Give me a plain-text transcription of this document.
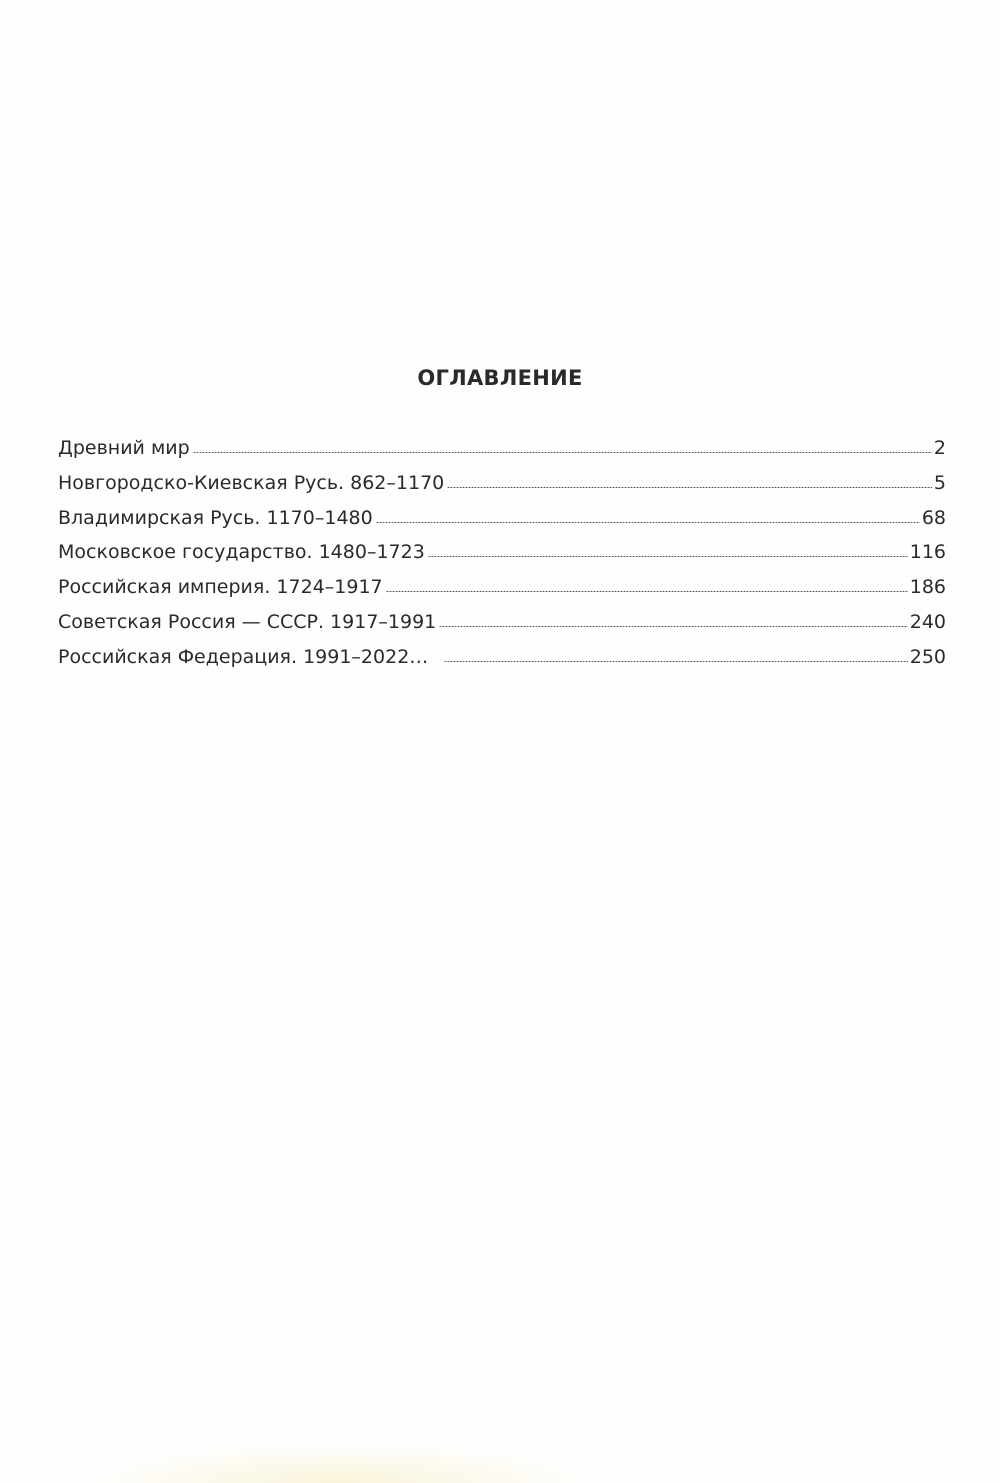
ОГЛАВЛЕНИЕ
Древний мир	2
Новгородско-Киевская Русь. 862–1170	5
Владимирская Русь. 1170–1480	68
Московское государство. 1480–1723	116
Российская империя. 1724–1917	186
Советская Россия — СССР. 1917–1991	240
Российская Федерация. 1991–2022…	250
